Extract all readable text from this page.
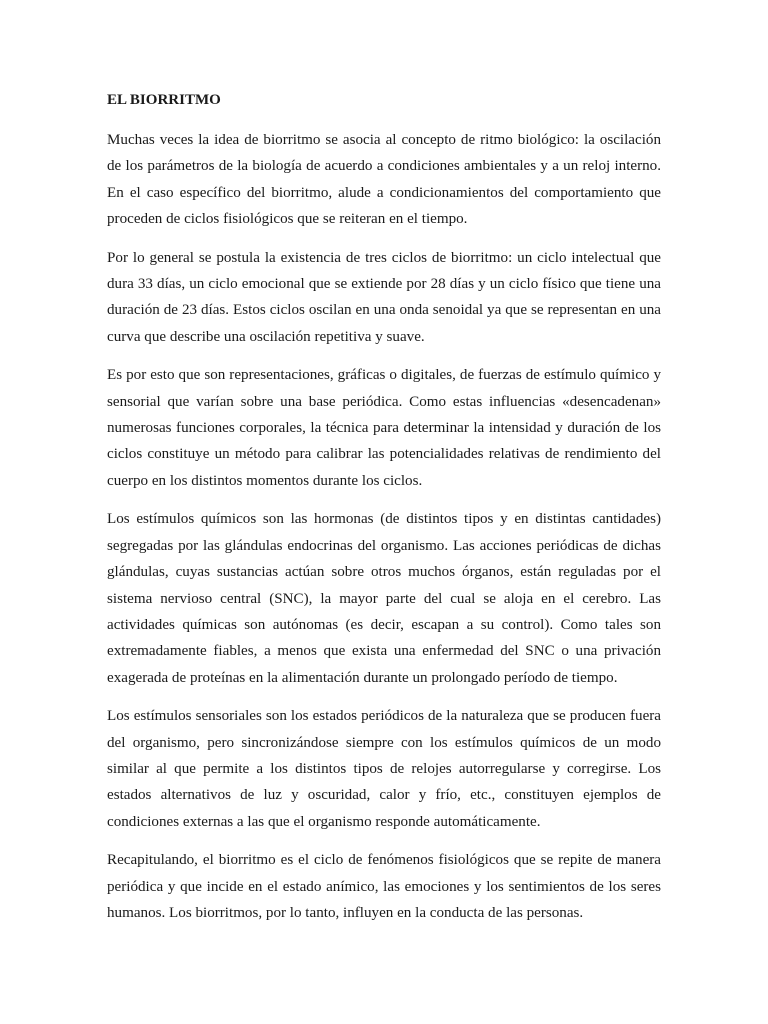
EL BIORRITMO

Muchas veces la idea de biorritmo se asocia al concepto de ritmo biológico: la oscilación de los parámetros de la biología de acuerdo a condiciones ambientales y a un reloj interno. En el caso específico del biorritmo, alude a condicionamientos del comportamiento que proceden de ciclos fisiológicos que se reiteran en el tiempo.

Por lo general se postula la existencia de tres ciclos de biorritmo: un ciclo intelectual que dura 33 días, un ciclo emocional que se extiende por 28 días y un ciclo físico que tiene una duración de 23 días. Estos ciclos oscilan en una onda senoidal ya que se representan en una curva que describe una oscilación repetitiva y suave.

Es por esto que son representaciones, gráficas o digitales, de fuerzas de estímulo químico y sensorial que varían sobre una base periódica. Como estas influencias «desencadenan» numerosas funciones corporales, la técnica para determinar la intensidad y duración de los ciclos constituye un método para calibrar las potencialidades relativas de rendimiento del cuerpo en los distintos momentos durante los ciclos.

Los estímulos químicos son las hormonas (de distintos tipos y en distintas cantidades) segregadas por las glándulas endocrinas del organismo. Las acciones periódicas de dichas glándulas, cuyas sustancias actúan sobre otros muchos órganos, están reguladas por el sistema nervioso central (SNC), la mayor parte del cual se aloja en el cerebro. Las actividades químicas son autónomas (es decir, escapan a su control). Como tales son extremadamente fiables, a menos que exista una enfermedad del SNC o una privación exagerada de proteínas en la alimentación durante un prolongado período de tiempo.

Los estímulos sensoriales son los estados periódicos de la naturaleza que se producen fuera del organismo, pero sincronizándose siempre con los estímulos químicos de un modo similar al que permite a los distintos tipos de relojes autorregularse y corregirse. Los estados alternativos de luz y oscuridad, calor y frío, etc., constituyen ejemplos de condiciones externas a las que el organismo responde automáticamente.

Recapitulando, el biorritmo es el ciclo de fenómenos fisiológicos que se repite de manera periódica y que incide en el estado anímico, las emociones y los sentimientos de los seres humanos. Los biorritmos, por lo tanto, influyen en la conducta de las personas.
